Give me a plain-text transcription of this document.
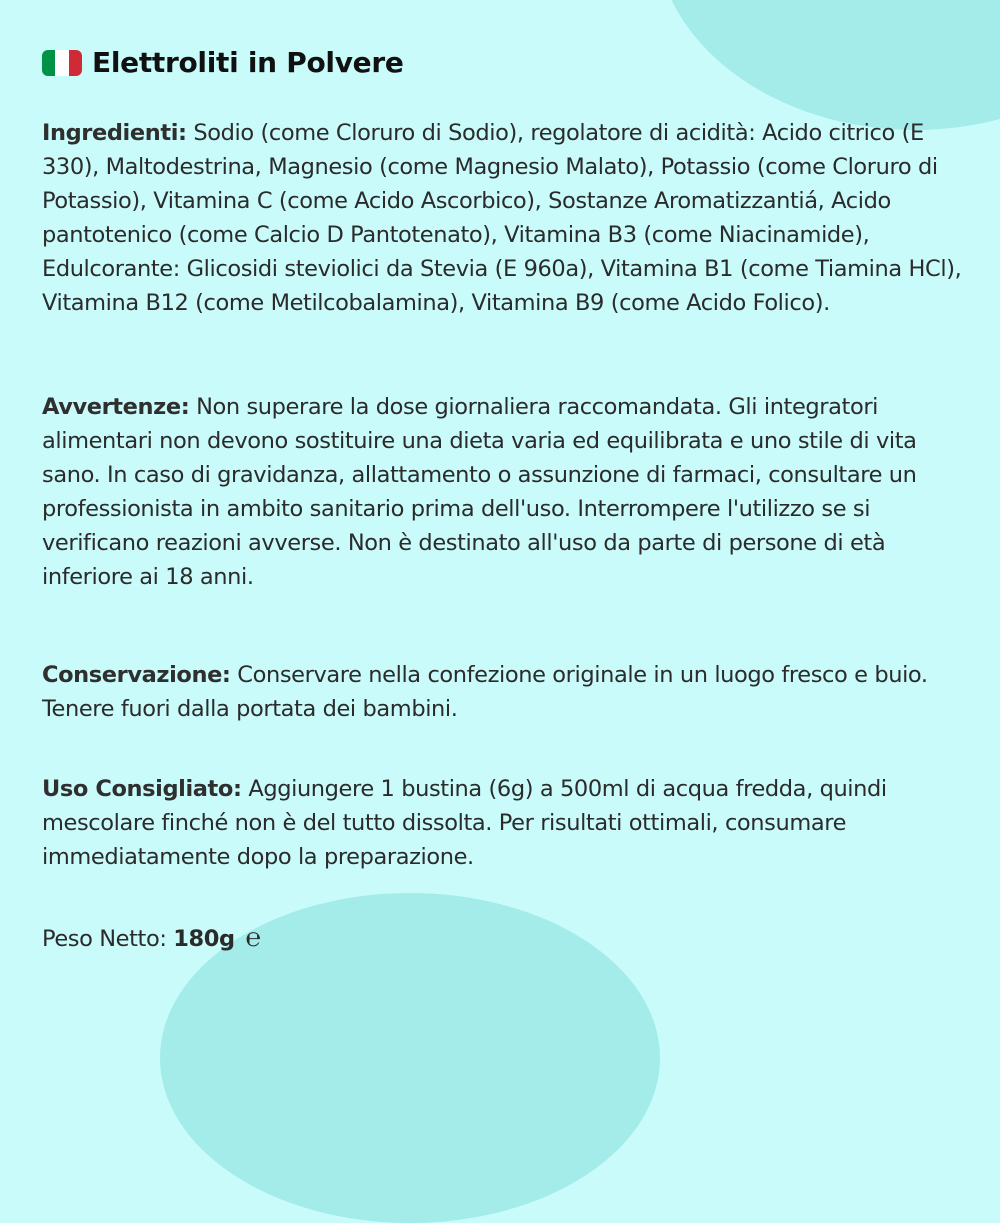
Elettroliti in Polvere
Ingredienti: Sodio (come Cloruro di Sodio), regolatore di acidità: Acido citrico (E 330), Maltodestrina, Magnesio (come Magnesio Malato), Potassio (come Cloruro di Potassio), Vitamina C (come Acido Ascorbico), Sostanze Aromatizzantiá, Acido pantotenico (come Calcio D Pantotenato), Vitamina B3 (come Niacinamide), Edulcorante: Glicosidi steviolici da Stevia (E 960a), Vitamina B1 (come Tiamina HCl), Vitamina B12 (come Metilcobalamina), Vitamina B9 (come Acido Folico).
Avvertenze: Non superare la dose giornaliera raccomandata. Gli integratori alimentari non devono sostituire una dieta varia ed equilibrata e uno stile di vita sano. In caso di gravidanza, allattamento o assunzione di farmaci, consultare un professionista in ambito sanitario prima dell'uso. Interrompere l'utilizzo se si verificano reazioni avverse. Non è destinato all'uso da parte di persone di età inferiore ai 18 anni.
Conservazione: Conservare nella confezione originale in un luogo fresco e buio. Tenere fuori dalla portata dei bambini.
Uso Consigliato: Aggiungere 1 bustina (6g) a 500ml di acqua fredda, quindi mescolare finché non è del tutto dissolta. Per risultati ottimali, consumare immediatamente dopo la preparazione.
Peso Netto: 180g ℮
